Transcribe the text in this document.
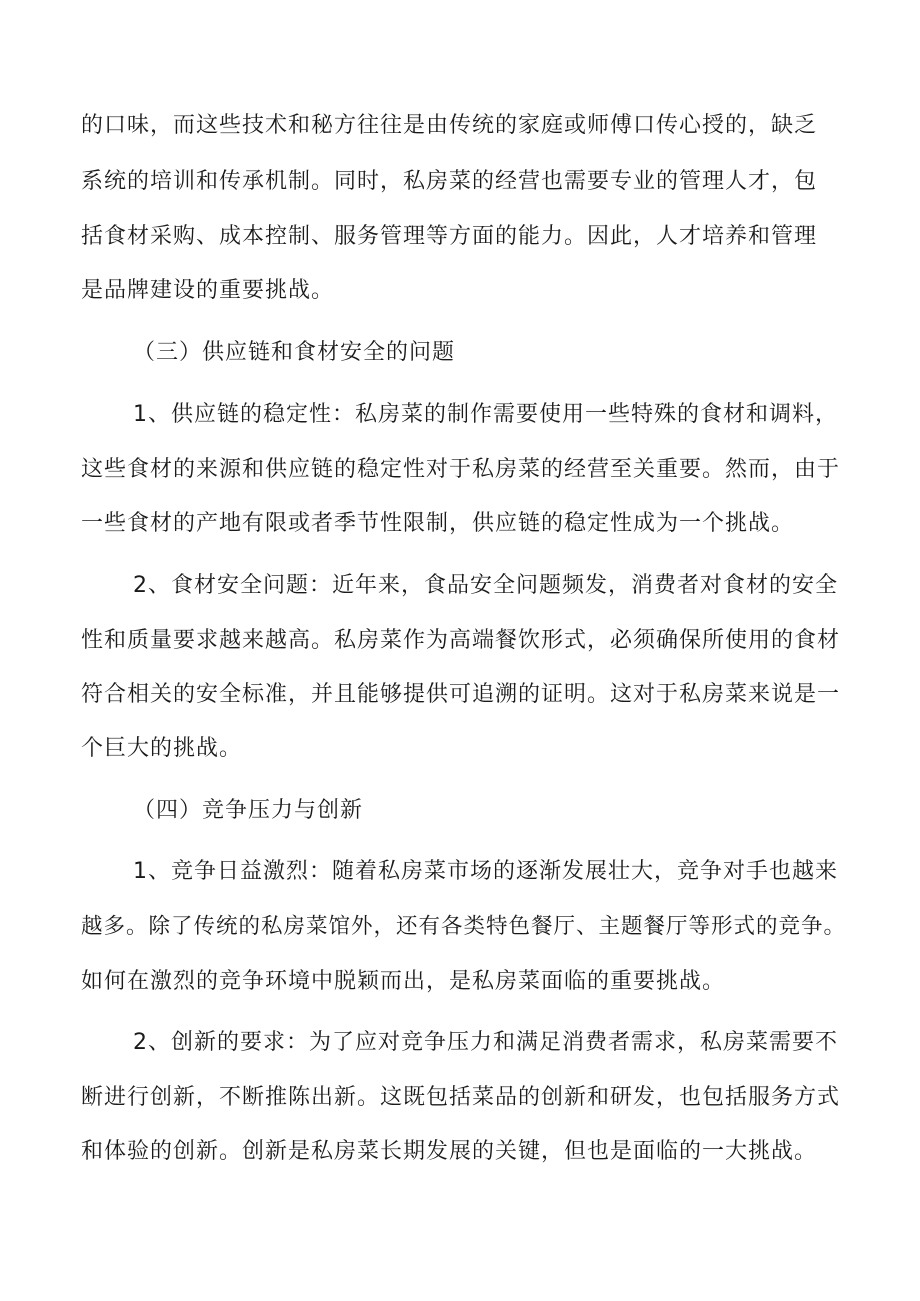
的口味，而这些技术和秘方往往是由传统的家庭或师傅口传心授的，缺乏

系统的培训和传承机制。同时，私房菜的经营也需要专业的管理人才，包

括食材采购、成本控制、服务管理等方面的能力。因此，人才培养和管理

是品牌建设的重要挑战。

（三）供应链和食材安全的问题

1、供应链的稳定性：私房菜的制作需要使用一些特殊的食材和调料，

这些食材的来源和供应链的稳定性对于私房菜的经营至关重要。然而，由于

一些食材的产地有限或者季节性限制，供应链的稳定性成为一个挑战。

2、食材安全问题：近年来，食品安全问题频发，消费者对食材的安全

性和质量要求越来越高。私房菜作为高端餐饮形式，必须确保所使用的食材

符合相关的安全标准，并且能够提供可追溯的证明。这对于私房菜来说是一

个巨大的挑战。

（四）竞争压力与创新

1、竞争日益激烈：随着私房菜市场的逐渐发展壮大，竞争对手也越来

越多。除了传统的私房菜馆外，还有各类特色餐厅、主题餐厅等形式的竞争。

如何在激烈的竞争环境中脱颖而出，是私房菜面临的重要挑战。

2、创新的要求：为了应对竞争压力和满足消费者需求，私房菜需要不

断进行创新，不断推陈出新。这既包括菜品的创新和研发，也包括服务方式

和体验的创新。创新是私房菜长期发展的关键，但也是面临的一大挑战。
